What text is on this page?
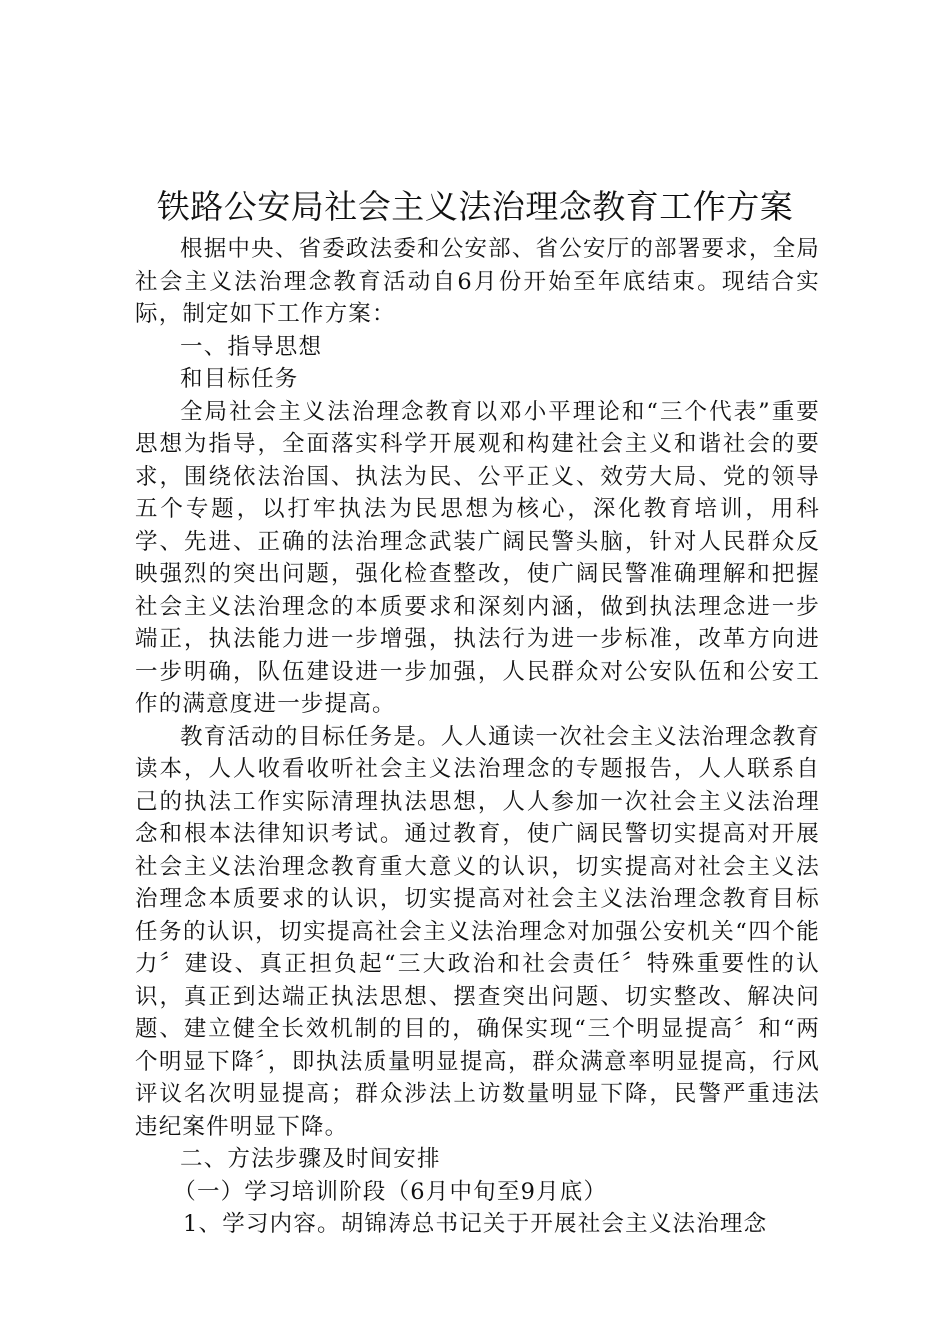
铁路公安局社会主义法治理念教育工作方案

根据中央、省委政法委和公安部、省公安厅的部署要求，全局社会主义法治理念教育活动自6月份开始至年底结束。现结合实际，制定如下工作方案：

一、指导思想

和目标任务

全局社会主义法治理念教育以邓小平理论和“三个代表”重要思想为指导，全面落实科学开展观和构建社会主义和谐社会的要求，围绕依法治国、执法为民、公平正义、效劳大局、党的领导五个专题，以打牢执法为民思想为核心，深化教育培训，用科学、先进、正确的法治理念武装广阔民警头脑，针对人民群众反映强烈的突出问题，强化检查整改，使广阔民警准确理解和把握社会主义法治理念的本质要求和深刻内涵，做到执法理念进一步端正，执法能力进一步增强，执法行为进一步标准，改革方向进一步明确，队伍建设进一步加强，人民群众对公安队伍和公安工作的满意度进一步提高。

教育活动的目标任务是。人人通读一次社会主义法治理念教育读本，人人收看收听社会主义法治理念的专题报告，人人联系自己的执法工作实际清理执法思想，人人参加一次社会主义法治理念和根本法律知识考试。通过教育，使广阔民警切实提高对开展社会主义法治理念教育重大意义的认识，切实提高对社会主义法治理念本质要求的认识，切实提高对社会主义法治理念教育目标任务的认识，切实提高社会主义法治理念对加强公安机关“四个能力〞建设、真正担负起“三大政治和社会责任〞特殊重要性的认识，真正到达端正执法思想、摆查突出问题、切实整改、解决问题、建立健全长效机制的目的，确保实现“三个明显提高〞和“两个明显下降〞，即执法质量明显提高，群众满意率明显提高，行风评议名次明显提高；群众涉法上访数量明显下降，民警严重违法违纪案件明显下降。

二、方法步骤及时间安排

（一）学习培训阶段（6月中旬至9月底）

1、学习内容。胡锦涛总书记关于开展社会主义法治理念
